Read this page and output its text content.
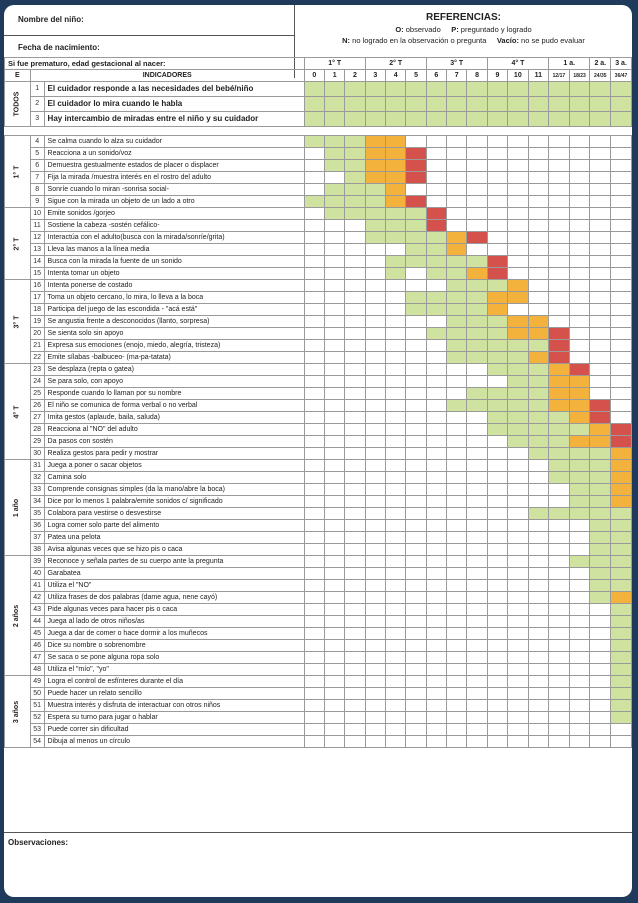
Nombre del niño:
Fecha de nacimiento:
REFERENCIAS:
O: observado P: preguntado y logrado
N: no logrado en la observación o pregunta Vacío: no se pudo evaluar
Si fue prematuro, edad gestacional al nacer:			1° T			2° T			3° T			4° T			1 a.		2 a.	3 a.
E	INDICADORES		0	1	2	3	4	5	6	7	8	9	10	11	12/17	18/23	24/35	36/47
TODOS	1	El cuidador responde a las necesidades del bebé/niño																
	2	El cuidador lo mira cuando le habla																
	3	Hay intercambio de miradas entre el niño y su cuidador																

1° T	4	Se calma cuando lo alza su cuidador																
	5	Reacciona a un sonido/voz																
	6	Demuestra gestualmente estados de placer o displacer																
	7	Fija la mirada /muestra interés en el rostro del adulto																
	8	Sonríe cuando lo miran -sonrisa social-																
	9	Sigue con la mirada un objeto de un lado a otro																
2° T	10	Emite sonidos /gorjeo																
	11	Sostiene la cabeza -sostén cefálico-																
	12	Interactúa con el adulto(busca con la mirada/sonríe/grita)																
	13	Lleva las manos a la línea media																
	14	Busca con la mirada la fuente de un sonido																
	15	Intenta tomar un objeto																
3° T	16	Intenta ponerse de costado																
	17	Toma un objeto cercano, lo mira, lo lleva a la boca																
	18	Participa del juego de las escondida - "acá está"																
	19	Se angustia frente a desconocidos (llanto, sorpresa)																
	20	Se sienta solo sin apoyo																
	21	Expresa sus emociones (enojo, miedo, alegría, tristeza)																
	22	Emite sílabas -balbuceo- (ma-pa-tatata)																
4° T	23	Se desplaza (repta o gatea)																
	24	Se para solo, con apoyo																
	25	Responde cuando lo llaman por su nombre																
	26	El niño se comunica de forma verbal o no verbal																
	27	Imita gestos (aplaude, baila, saluda)																
	28	Reacciona al "NO" del adulto																
	29	Da pasos con sostén																
	30	Realiza gestos para pedir y mostrar																
1 año	31	Juega a poner o sacar objetos																
	32	Camina solo																
	33	Comprende consignas simples (da la mano/abre la boca)																
	34	Dice por lo menos 1 palabra/emite sonidos c/ significado																
	35	Colabora para vestirse o desvestirse																
	36	Logra comer solo parte del alimento																
	37	Patea una pelota																
	38	Avisa algunas veces que se hizo pis o caca																
2 años	39	Reconoce y señala partes de su cuerpo ante la pregunta																
	40	Garabatea																
	41	Utiliza el "NO"																
	42	Utiliza frases de dos palabras (dame agua, nene cayó)																
	43	Pide algunas veces para hacer pis o caca																
	44	Juega al lado de otros niños/as																
	45	Juega a dar de comer o hace dormir a los muñecos																
	46	Dice su nombre o sobrenombre																
	47	Se saca o se pone alguna ropa solo																
	48	Utiliza el "mío", "yo"																
3 años	49	Logra el control de esfínteres durante el día																
	50	Puede hacer un relato sencillo																
	51	Muestra interés y disfruta de interactuar con otros niños																
	52	Espera su turno para jugar o hablar																
	53	Puede correr sin dificultad																
	54	Dibuja al menos un círculo																
Observaciones:
